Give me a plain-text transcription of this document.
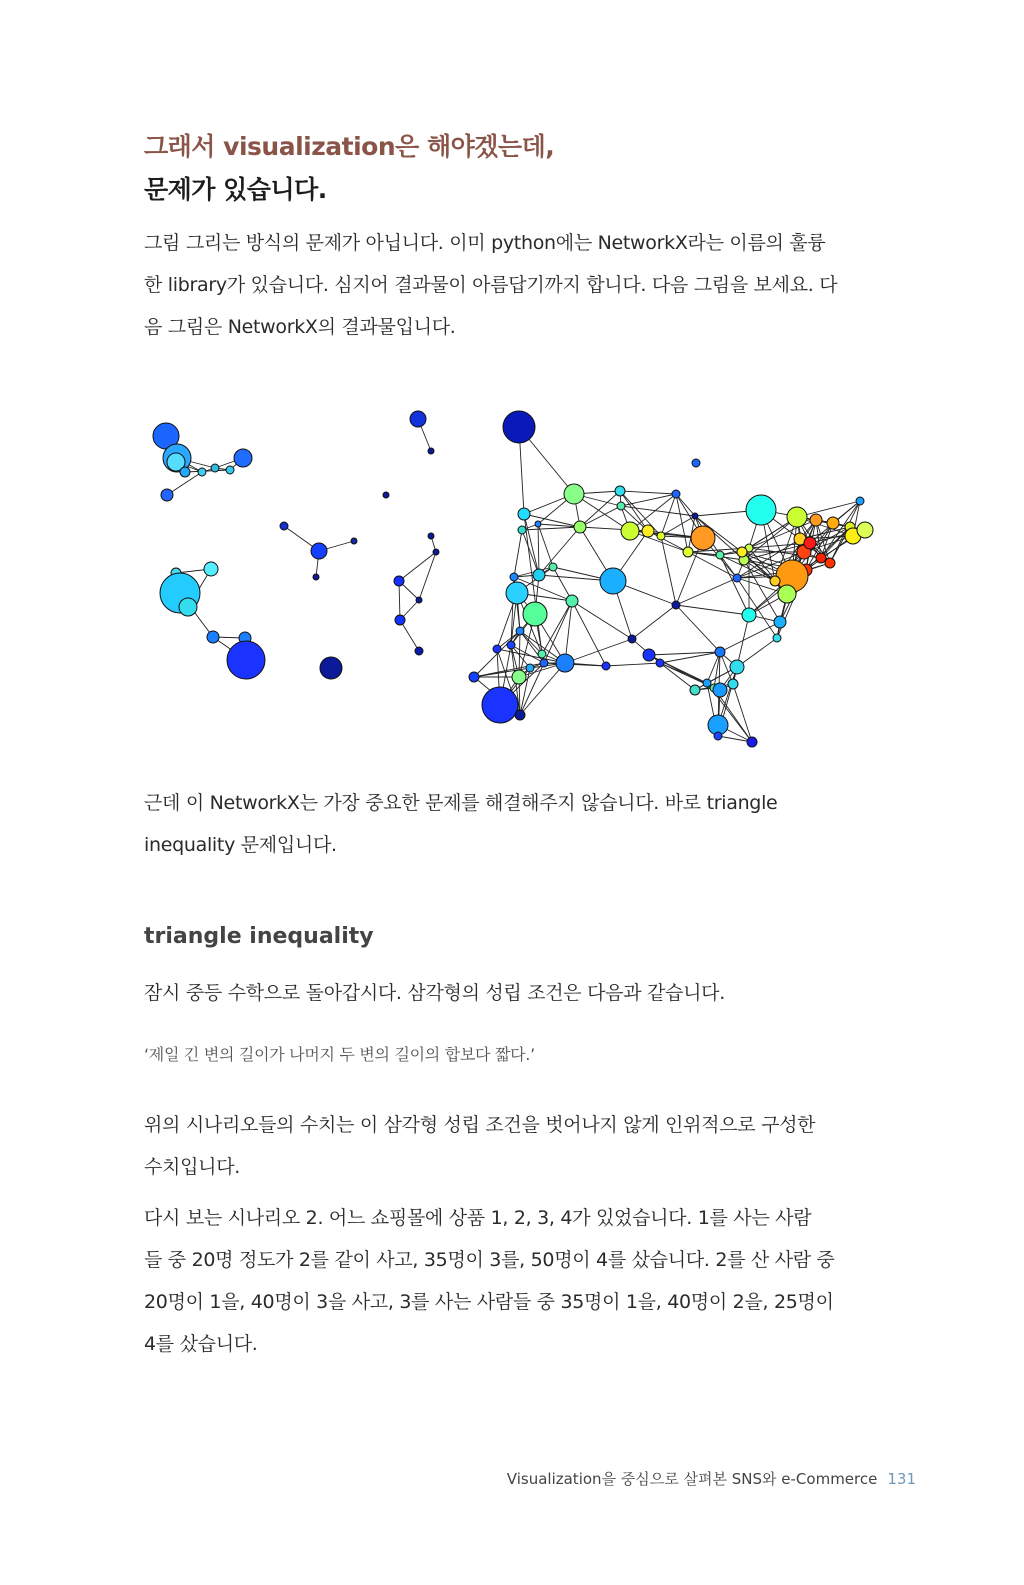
그래서 visualization은 해야겠는데,
문제가 있습니다.

그림 그리는 방식의 문제가 아닙니다. 이미 python에는 NetworkX라는 이름의 훌륭

한 library가 있습니다. 심지어 결과물이 아름답기까지 합니다. 다음 그림을 보세요. 다

음 그림은 NetworkX의 결과물입니다.

근데 이 NetworkX는 가장 중요한 문제를 해결해주지 않습니다. 바로 triangle

inequality 문제입니다.

triangle inequality

잠시 중등 수학으로 돌아갑시다. 삼각형의 성립 조건은 다음과 같습니다.

‘제일 긴 변의 길이가 나머지 두 변의 길이의 합보다 짧다.’

위의 시나리오들의 수치는 이 삼각형 성립 조건을 벗어나지 않게 인위적으로 구성한

수치입니다.

다시 보는 시나리오 2. 어느 쇼핑몰에 상품 1, 2, 3, 4가 있었습니다. 1를 사는 사람

들 중 20명 정도가 2를 같이 사고, 35명이 3를, 50명이 4를 샀습니다. 2를 산 사람 중

20명이 1을, 40명이 3을 사고, 3를 사는 사람들 중 35명이 1을, 40명이 2을, 25명이

4를 샀습니다.

Visualization을 중심으로 살펴본 SNS와 e-Commerce 131
